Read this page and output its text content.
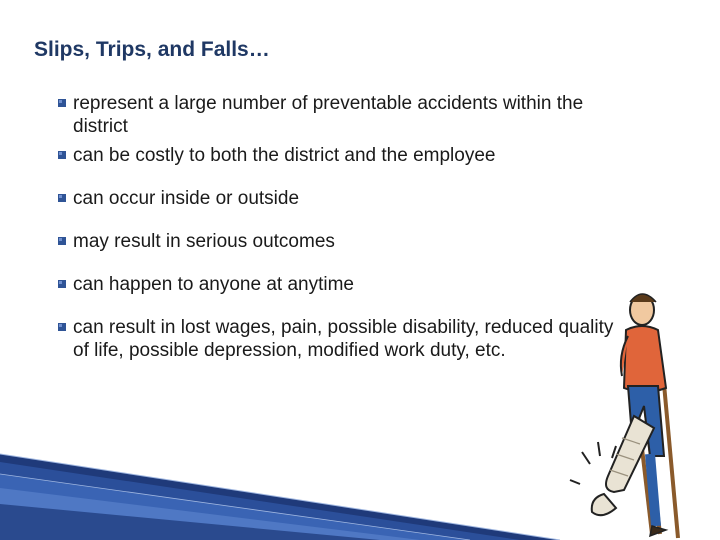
Slips, Trips, and Falls…
represent a large number of preventable accidents within the district
can be costly to both the district and the employee
can occur inside or outside
may result in serious outcomes
can happen to anyone at anytime
can result in lost wages, pain, possible disability, reduced quality of life, possible depression, modified work duty, etc.
